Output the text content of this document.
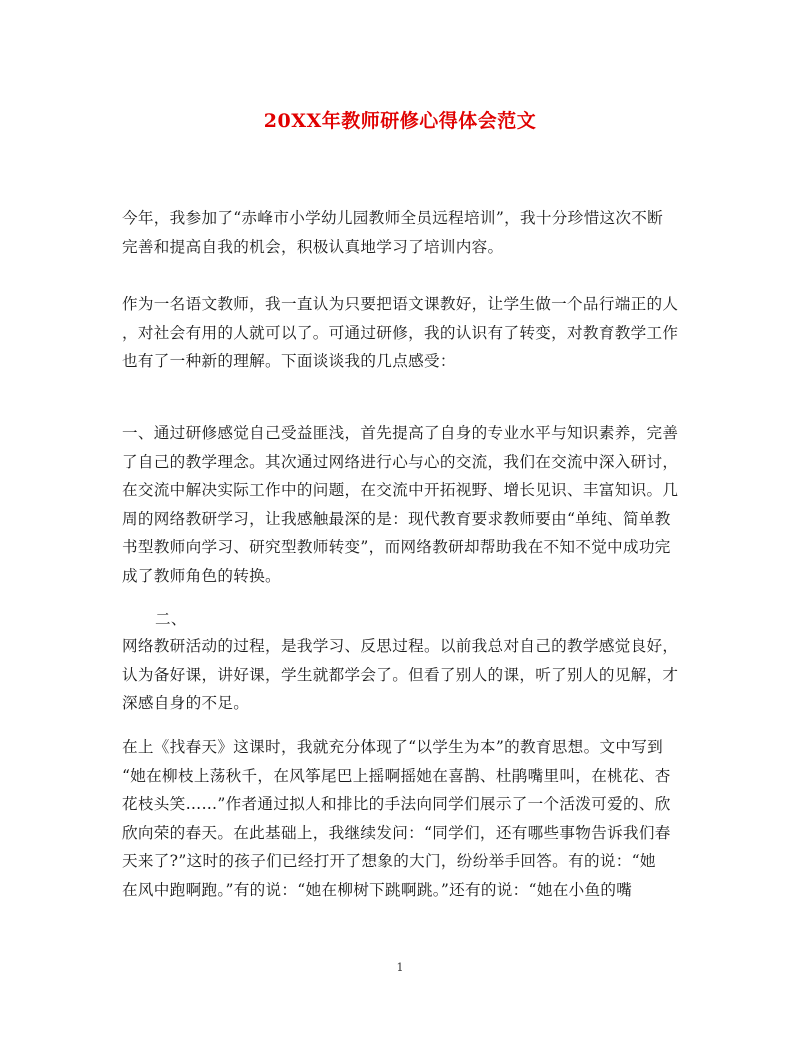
20XX年教师研修心得体会范文

今年，我参加了“赤峰市小学幼儿园教师全员远程培训”，我十分珍惜这次不断
完善和提高自我的机会，积极认真地学习了培训内容。

作为一名语文教师，我一直认为只要把语文课教好，让学生做一个品行端正的人
，对社会有用的人就可以了。可通过研修，我的认识有了转变，对教育教学工作
也有了一种新的理解。下面谈谈我的几点感受：

一、通过研修感觉自己受益匪浅，首先提高了自身的专业水平与知识素养，完善
了自己的教学理念。其次通过网络进行心与心的交流，我们在交流中深入研讨，
在交流中解决实际工作中的问题，在交流中开拓视野、增长见识、丰富知识。几
周的网络教研学习，让我感触最深的是：现代教育要求教师要由“单纯、简单教
书型教师向学习、研究型教师转变”，而网络教研却帮助我在不知不觉中成功完
成了教师角色的转换。

二、

网络教研活动的过程，是我学习、反思过程。以前我总对自己的教学感觉良好，
认为备好课，讲好课，学生就都学会了。但看了别人的课，听了别人的见解，才
深感自身的不足。

在上《找春天》这课时，我就充分体现了“以学生为本”的教育思想。文中写到
“她在柳枝上荡秋千，在风筝尾巴上摇啊摇她在喜鹊、杜鹃嘴里叫，在桃花、杏
花枝头笑……”作者通过拟人和排比的手法向同学们展示了一个活泼可爱的、欣
欣向荣的春天。在此基础上，我继续发问：“同学们，还有哪些事物告诉我们春
天来了?”这时的孩子们已经打开了想象的大门，纷纷举手回答。有的说：“她
在风中跑啊跑。”有的说：“她在柳树下跳啊跳。”还有的说：“她在小鱼的嘴

1
